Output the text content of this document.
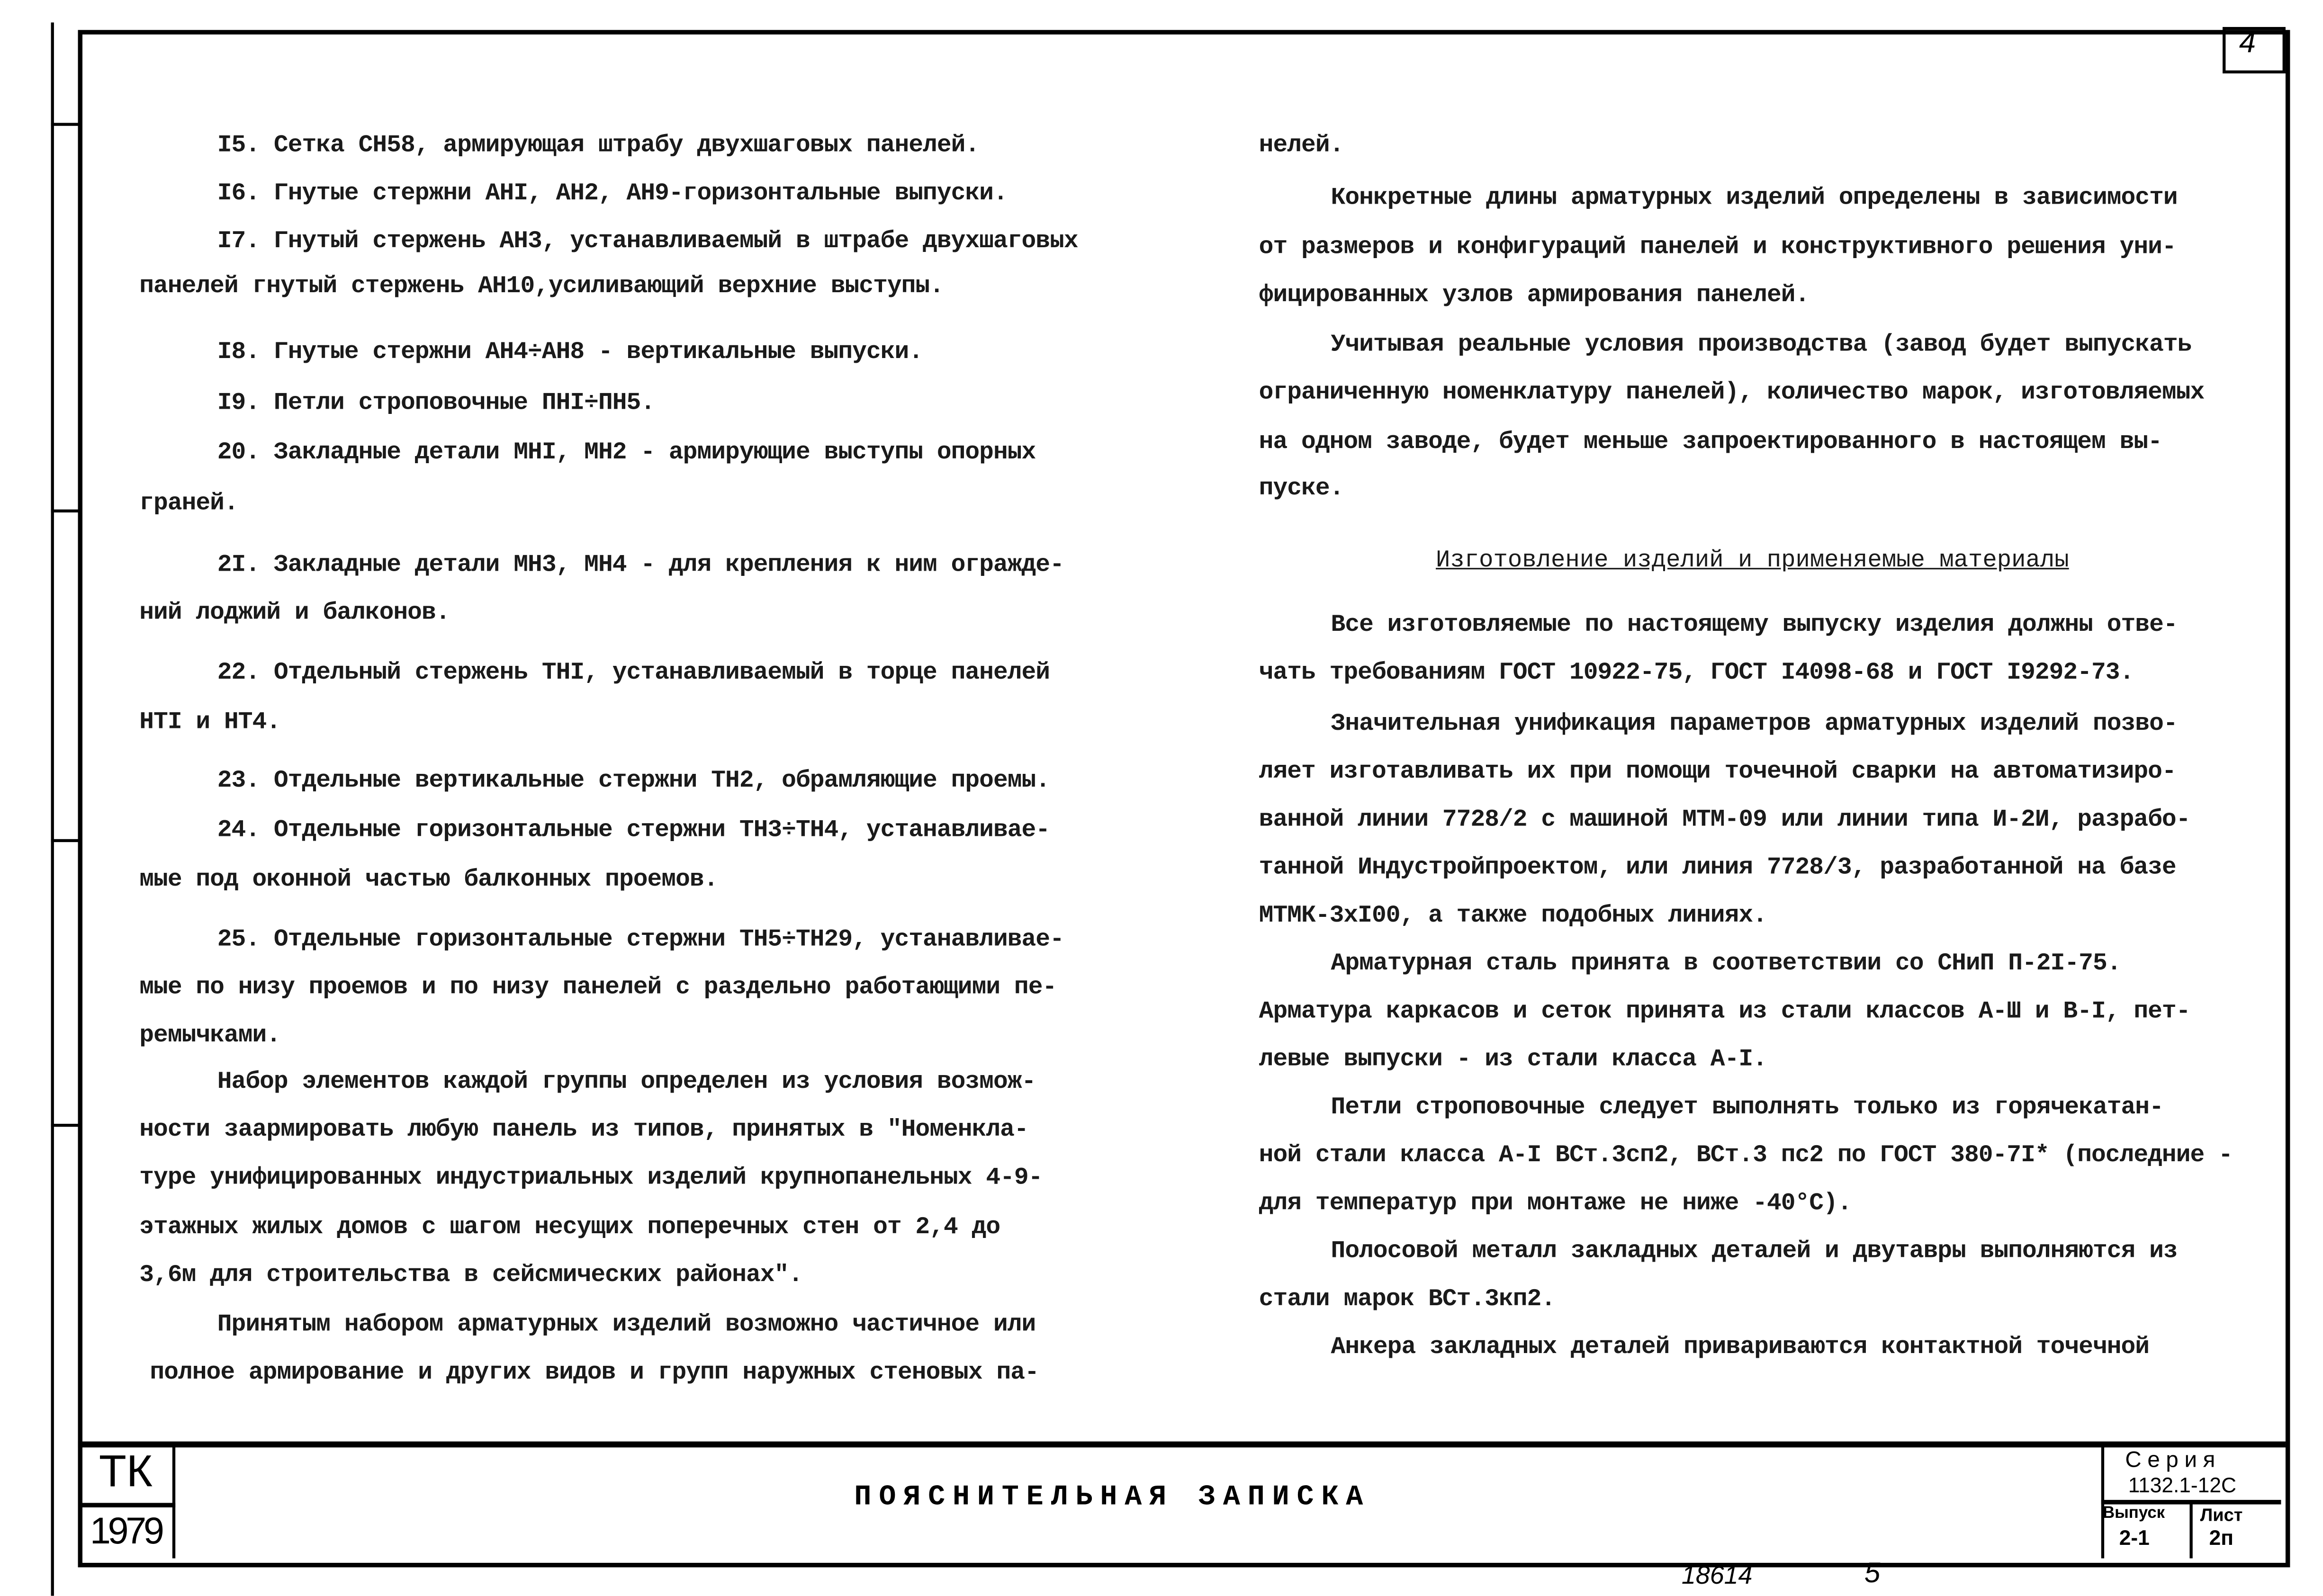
4
I5. Сетка СН58, армирующая штрабу двухшаговых панелей.
I6. Гнутые стержни АНI, АН2, АН9-горизонтальные выпуски.
I7. Гнутый стержень АН3, устанавливаемый в штрабе двухшаговых
панелей гнутый стержень АН10,усиливающий верхние выступы.
I8. Гнутые стержни АН4÷АН8 - вертикальные выпуски.
I9. Петли строповочные ПНI÷ПН5.
20. Закладные детали МНI, МН2 - армирующие выступы опорных
граней.
2I. Закладные детали МН3, МН4 - для крепления к ним огражде-
ний лоджий и балконов.
22. Отдельный стержень ТНI, устанавливаемый в торце панелей
НТI и НТ4.
23. Отдельные вертикальные стержни ТН2, обрамляющие проемы.
24. Отдельные горизонтальные стержни ТН3÷ТН4, устанавливае-
мые под оконной частью балконных проемов.
25. Отдельные горизонтальные стержни ТН5÷ТН29, устанавливае-
мые по низу проемов и по низу панелей с раздельно работающими пе-
ремычками.
Набор элементов каждой группы определен из условия возмож-
ности заармировать любую панель из типов, принятых в "Номенкла-
туре унифицированных индустриальных изделий крупнопанельных 4-9-
этажных жилых домов с шагом несущих поперечных стен от 2,4 до
3,6м для строительства в сейсмических районах".
Принятым набором арматурных изделий возможно частичное или
полное армирование и других видов и групп наружных стеновых па-
нелей.
Конкретные длины арматурных изделий определены в зависимости
от размеров и конфигураций панелей и конструктивного решения уни-
фицированных узлов армирования панелей.
Учитывая реальные условия производства (завод будет выпускать
ограниченную номенклатуру панелей), количество марок, изготовляемых
на одном заводе, будет меньше запроектированного в настоящем вы-
пуске.
Все изготовляемые по настоящему выпуску изделия должны отве-
чать требованиям ГОСТ 10922-75, ГОСТ I4098-68 и ГОСТ I9292-73.
Значительная унификация параметров арматурных изделий позво-
ляет изготавливать их при помощи точечной сварки на автоматизиро-
ванной линии 7728/2 с машиной МТМ-09 или линии типа И-2И, разрабо-
танной Индустройпроектом, или линия 7728/3, разработанной на базе
МТМК-3хI00, а также подобных линиях.
Арматурная сталь принята в соответствии со СНиП П-2I-75.
Арматура каркасов и сеток принята из стали классов А-Ш и В-I, пет-
левые выпуски - из стали класса А-I.
Петли строповочные следует выполнять только из горячекатан-
ной стали класса А-I ВСт.3сп2, ВСт.3 пс2 по ГОСТ 380-7I* (последние -
для температур при монтаже не ниже -40°С).
Полосовой металл закладных деталей и двутавры выполняются из
стали марок ВСт.3кп2.
Анкера закладных деталей привариваются контактной точечной
Изготовление изделий и применяемые материалы
ТК
1979
ПОЯСНИТЕЛЬНАЯ ЗАПИСКА
Серия
1132.1-12С
Выпуск
2-1
Лист
2п
18614	5
